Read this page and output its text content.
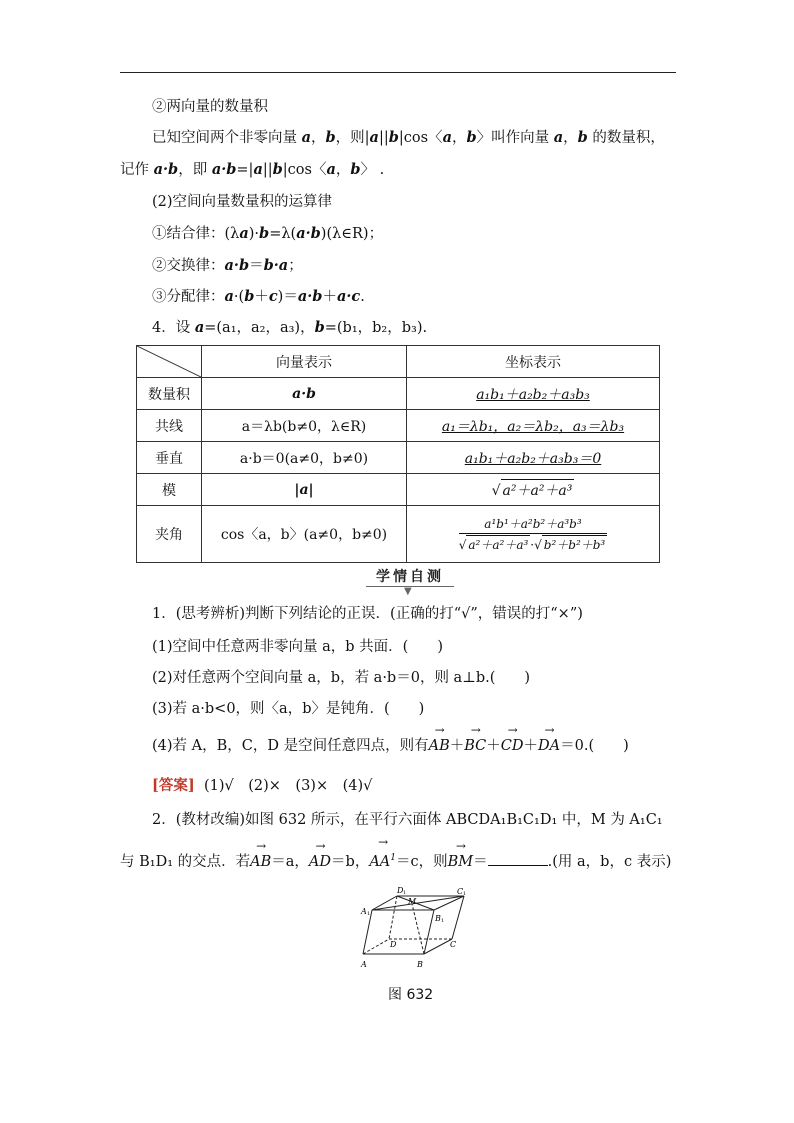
②两向量的数量积
已知空间两个非零向量 a，b，则|a||b|cos〈a，b〉叫作向量 a，b 的数量积，
记作 a·b，即 a·b=|a||b|cos〈a，b〉 .
(2)空间向量数量积的运算律
①结合律：(λa)·b=λ(a·b)(λ∈R)；
②交换律：a·b＝b·a；
③分配律：a·(b＋c)＝a·b＋a·c.
4．设 a=(a₁，a₂，a₃)，b=(b₁，b₂，b₃).
	向量表示	坐标表示
数量积	a·b	a₁b₁＋a₂b₂＋a₃b₃
共线	a＝λb(b≠0，λ∈R)	a₁＝λb₁，a₂＝λb₂，a₃＝λb₃
垂直	a·b＝0(a≠0，b≠0)	a₁b₁＋a₂b₂＋a₃b₃＝0
模	|a|	√ a²＋a²＋a³
夹角	cos〈a，b〉(a≠0，b≠0)	$\frac{\text{a¹b¹＋a²b²＋a³b³}}{\text{√ a²＋a²＋a³ ·√ b²＋b²＋b³}}$
学情自测
▼
1．(思考辨析)判断下列结论的正误．(正确的打“√”，错误的打“×”)
(1)空间中任意两非零向量 a，b 共面．(　　)
(2)对任意两个空间向量 a，b，若 a·b＝0，则 a⊥b.(　　)
(3)若 a·b<0，则〈a，b〉是钝角．(　　)
(4)若 A，B，C，D 是空间任意四点，则有→ AB＋→ BC＋→ CD＋→ DA＝0.(　　)
[答案] (1)√　(2)×　(3)×　(4)√
2．(教材改编)如图 632 所示，在平行六面体 ABCDA₁B₁C₁D₁ 中，M 为 A₁C₁
与 B₁D₁ 的交点．若→ AB＝a，→ AD＝b，→ $AA^1=c$，则→ BM＝	.(用 a，b，c 表示)
D 1
M
C 1
A 1	B 1
D	C
A	B
图 632
